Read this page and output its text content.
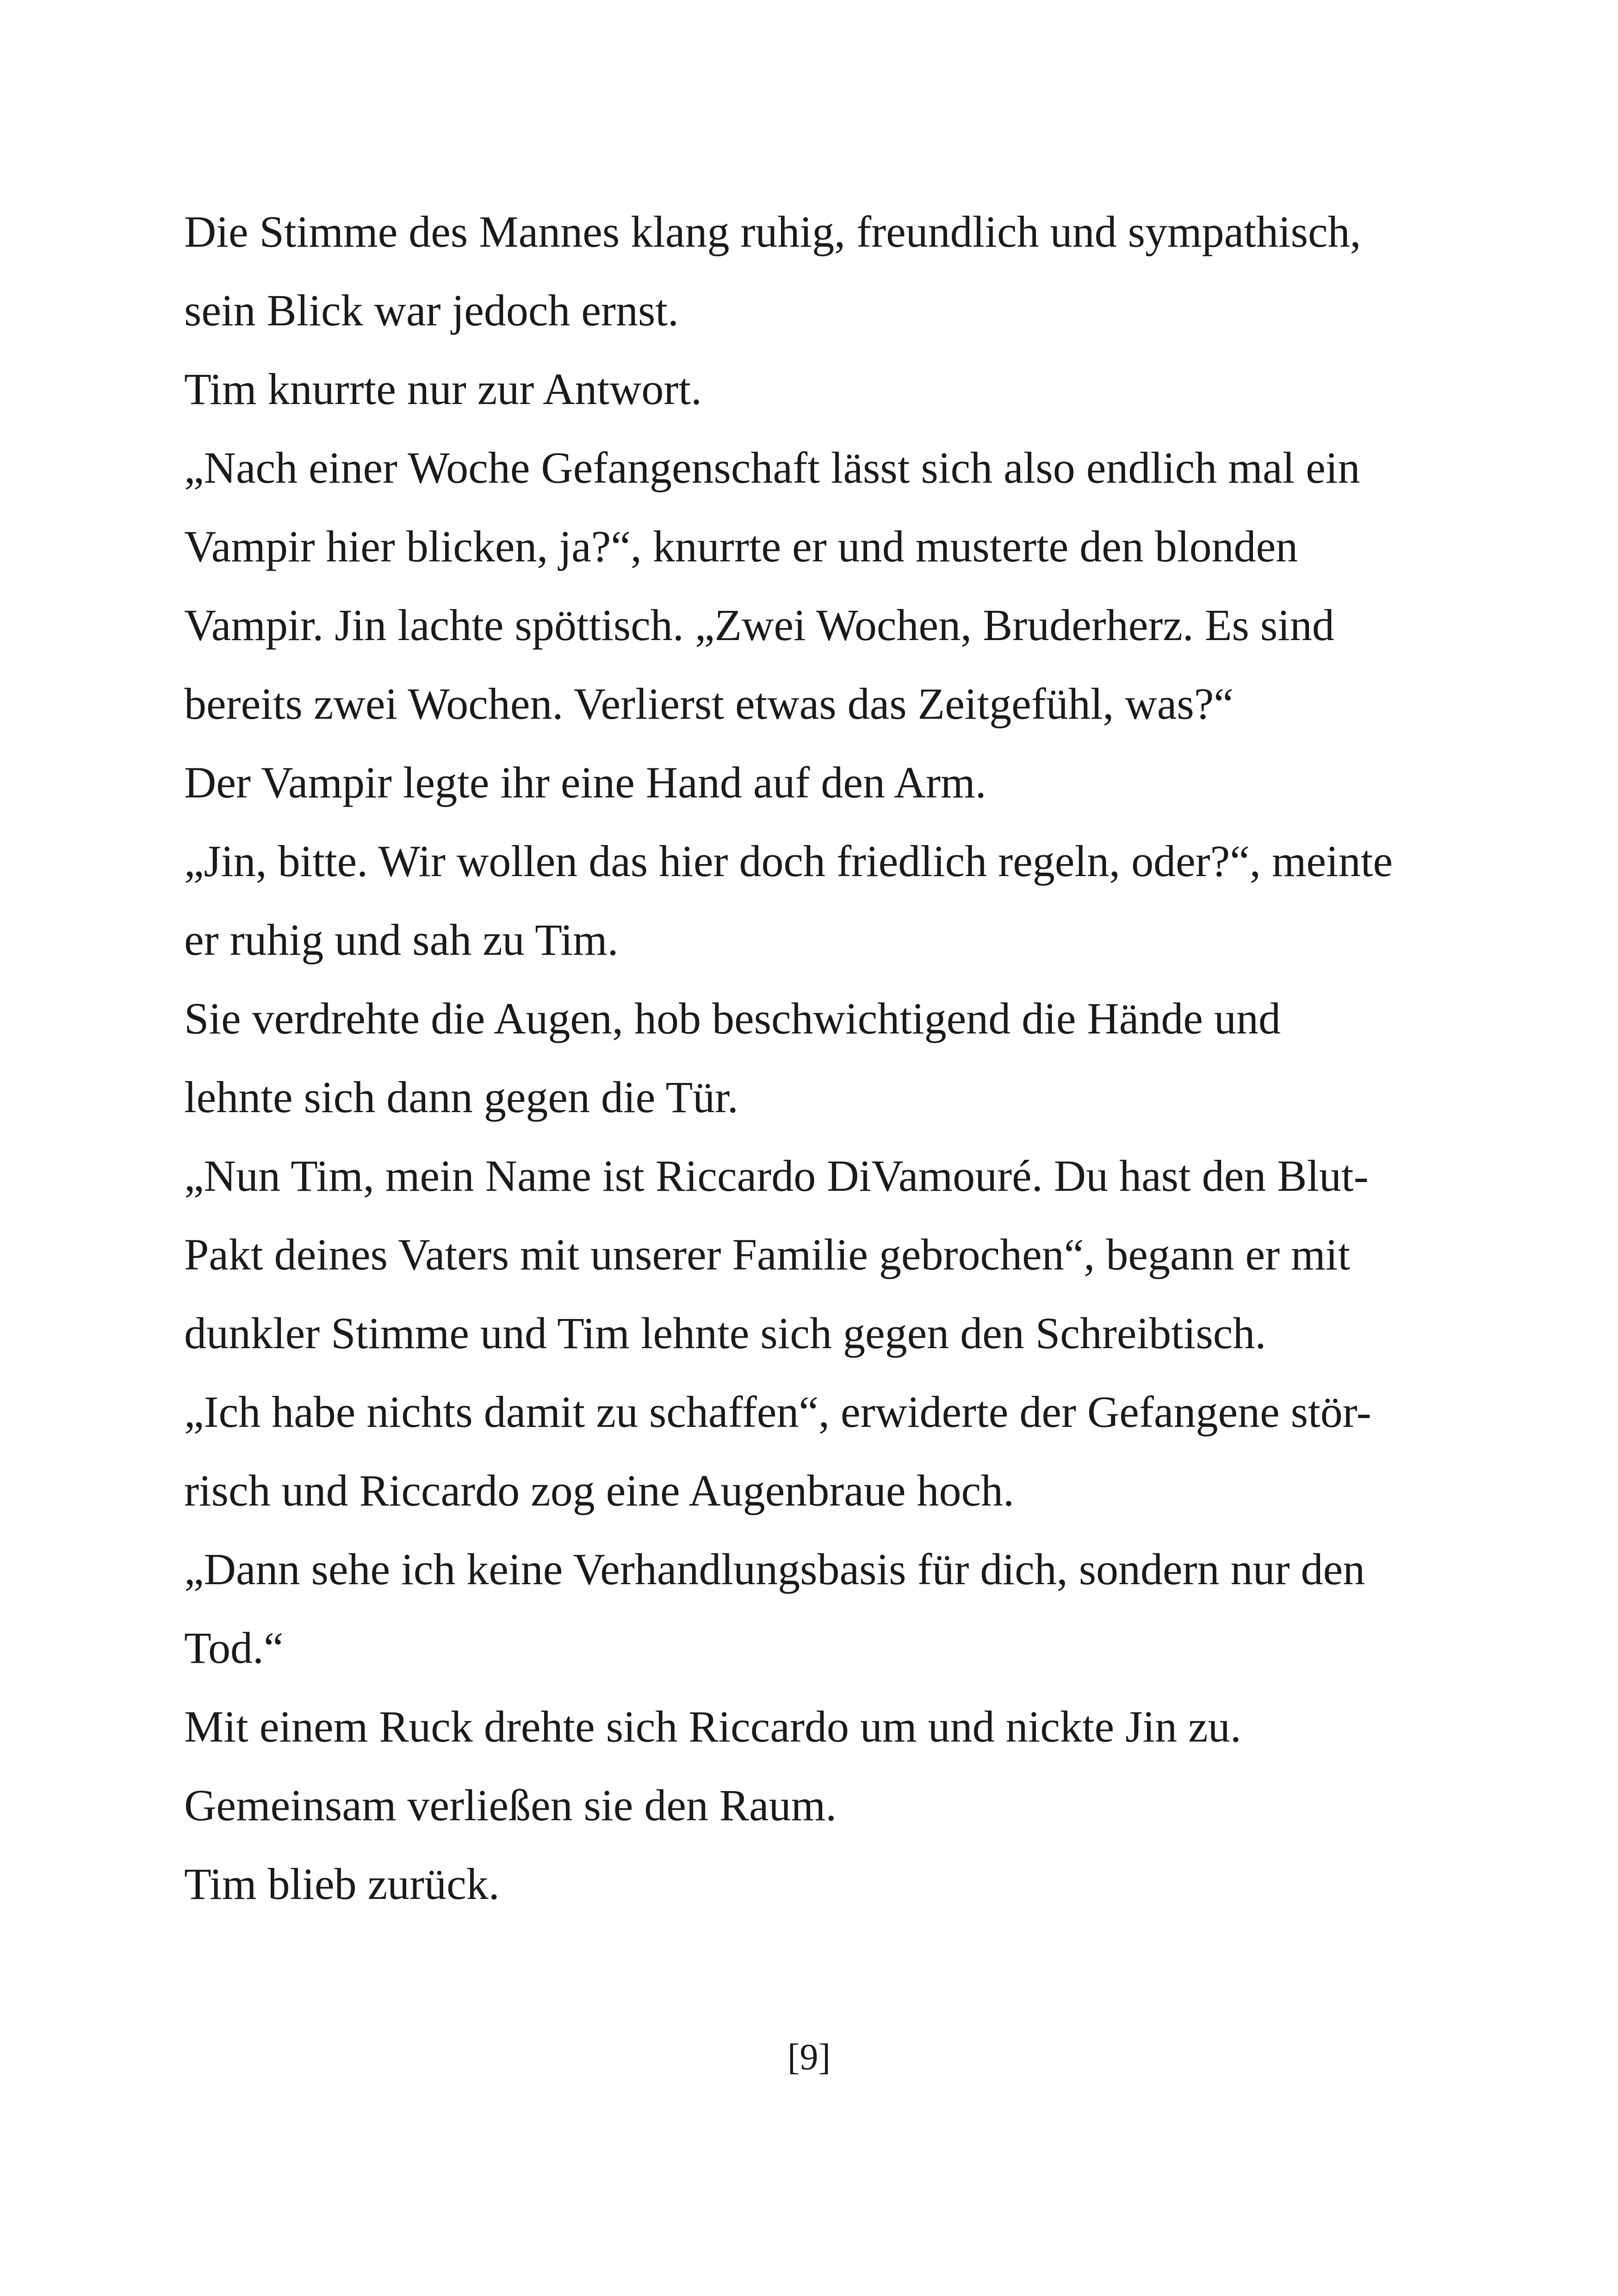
Die Stimme des Mannes klang ruhig, freundlich und sympathisch,
sein Blick war jedoch ernst.
Tim knurrte nur zur Antwort.
„Nach einer Woche Gefangenschaft lässt sich also endlich mal ein
Vampir hier blicken, ja?“, knurrte er und musterte den blonden
Vampir. Jin lachte spöttisch. „Zwei Wochen, Bruderherz. Es sind
bereits zwei Wochen. Verlierst etwas das Zeitgefühl, was?“
Der Vampir legte ihr eine Hand auf den Arm.
„Jin, bitte. Wir wollen das hier doch friedlich regeln, oder?“, meinte
er ruhig und sah zu Tim.
Sie verdrehte die Augen, hob beschwichtigend die Hände und
lehnte sich dann gegen die Tür.
„Nun Tim, mein Name ist Riccardo DiVamouré. Du hast den Blut-
Pakt deines Vaters mit unserer Familie gebrochen“, begann er mit
dunkler Stimme und Tim lehnte sich gegen den Schreibtisch.
„Ich habe nichts damit zu schaffen“, erwiderte der Gefangene stör-
risch und Riccardo zog eine Augenbraue hoch.
„Dann sehe ich keine Verhandlungsbasis für dich, sondern nur den
Tod.“
Mit einem Ruck drehte sich Riccardo um und nickte Jin zu.
Gemeinsam verließen sie den Raum.
Tim blieb zurück.
[9]
